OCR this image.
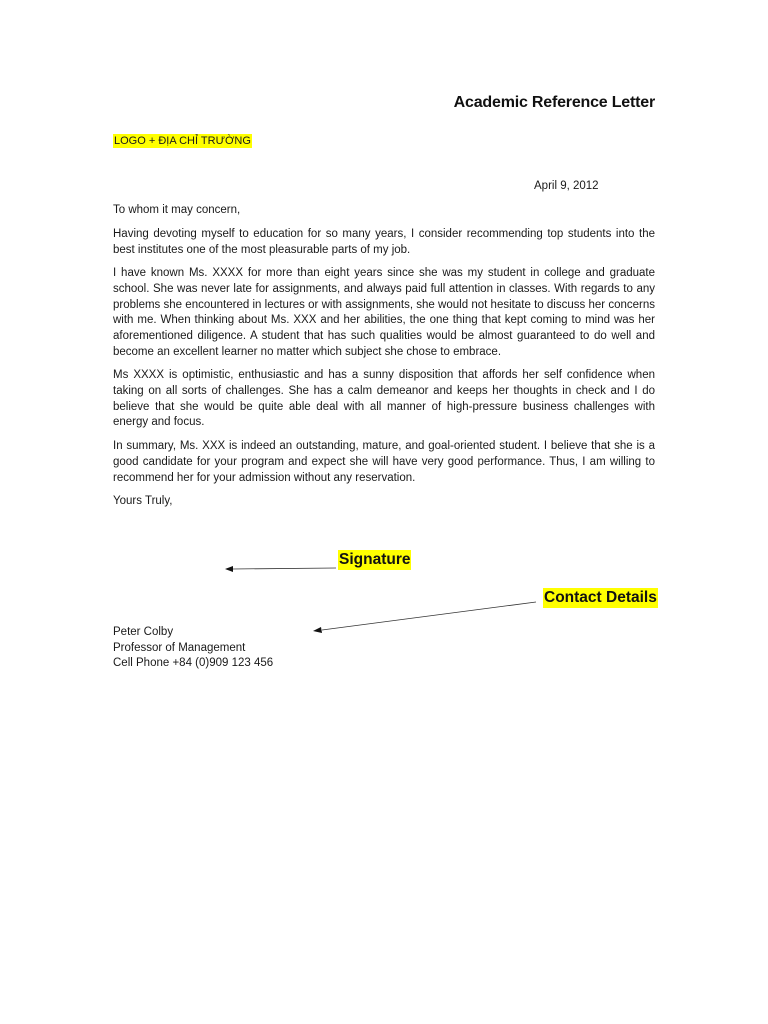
Academic Reference Letter
LOGO + ĐỊA CHỈ TRƯỜNG
April 9, 2012
To whom it may concern,

Having devoting myself to education for so many years, I consider recommending top students into the best institutes one of the most pleasurable parts of my job.

I have known Ms. XXXX for more than eight years since she was my student in college and graduate school. She was never late for assignments, and always paid full attention in classes. With regards to any problems she encountered in lectures or with assignments, she would not hesitate to discuss her concerns with me. When thinking about Ms. XXX and her abilities, the one thing that kept coming to mind was her aforementioned diligence. A student that has such qualities would be almost guaranteed to do well and become an excellent learner no matter which subject she chose to embrace.

Ms XXXX is optimistic, enthusiastic and has a sunny disposition that affords her self confidence when taking on all sorts of challenges. She has a calm demeanor and keeps her thoughts in check and I do believe that she would be quite able deal with all manner of high-pressure business challenges with energy and focus.

In summary, Ms. XXX is indeed an outstanding, mature, and goal-oriented student. I believe that she is a good candidate for your program and expect she will have very good performance. Thus, I am willing to recommend her for your admission without any reservation.

Yours Truly,
Signature
Contact Details
Peter Colby
Professor of Management
Cell Phone +84 (0)909 123 456
